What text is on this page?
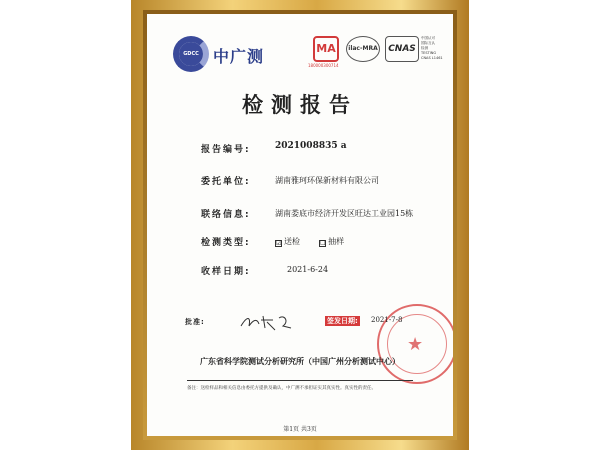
GDCC 中广测	MA
180000300714
ilac-MRA	CNAS
中国认可
国际互认
检测
TESTING
CNAS L1461
检测报告
报告编号:	2021008835 a
委托单位:	湖南雅珂环保新材料有限公司
联络信息:	湖南娄底市经济开发区旺达工业园15栋
检测类型:	☑ 送检	☐ 抽样
收样日期:	2021-6-24
★
批准:	签发日期: 2021-7-8
广东省科学院测试分析研究所（中国广州分析测试中心）
备注：送检样品和相关信息由委托方提供及确认，中广测不承担证实其真实性。真实性的责任。
第1页 共3页
